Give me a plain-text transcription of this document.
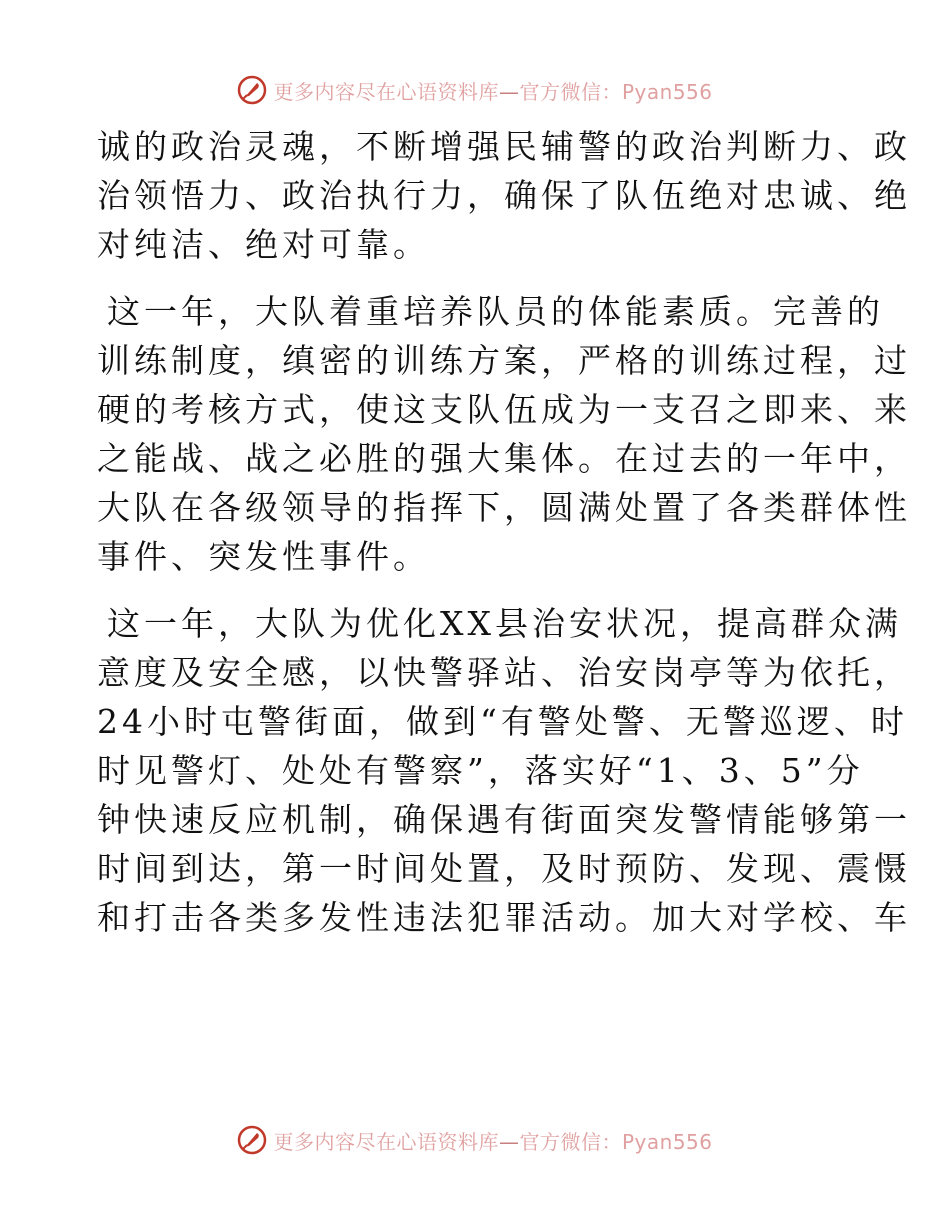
更多内容尽在心语资料库—官方微信：Pyan556
诚的政治灵魂，不断增强民辅警的政治判断力、政
治领悟力、政治执行力，确保了队伍绝对忠诚、绝
对纯洁、绝对可靠。
这一年，大队着重培养队员的体能素质。完善的
训练制度，缜密的训练方案，严格的训练过程，过
硬的考核方式，使这支队伍成为一支召之即来、来
之能战、战之必胜的强大集体。在过去的一年中，
大队在各级领导的指挥下，圆满处置了各类群体性
事件、突发性事件。
这一年，大队为优化XX县治安状况，提高群众满
意度及安全感，以快警驿站、治安岗亭等为依托，
24小时屯警街面，做到“有警处警、无警巡逻、时
时见警灯、处处有警察”，落实好“1、3、5”分
钟快速反应机制，确保遇有街面突发警情能够第一
时间到达，第一时间处置，及时预防、发现、震慑
和打击各类多发性违法犯罪活动。加大对学校、车
更多内容尽在心语资料库—官方微信：Pyan556
